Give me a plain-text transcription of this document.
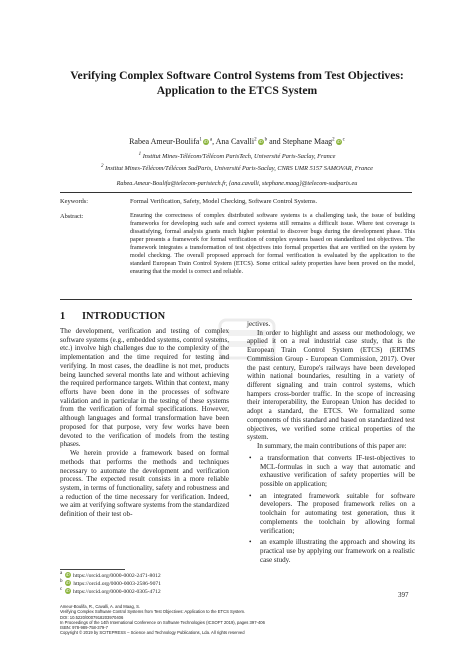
Verifying Complex Software Control Systems from Test Objectives:
Application to the ETCS System
Rabea Ameur-Boulifa$^1$ iD $^a$, Ana Cavalli$^2$ iD $^b$ and Stephane Maag$^2$ iD $^c$
$^1$ Institut Mines-Télécom/Télécom ParisTech, Université Paris-Saclay, France
$^2$ Institut Mines-Télécom/Télécom SudParis, Université Paris-Saclay, CNRS UMR 5157 SAMOVAR, France
Rabea.Ameur-Boulifa@telecom-paristech.fr, {ana.cavalli, stephane.maag}@telecom-sudparis.eu
Keywords:	Formal Verification, Safety, Model Checking, Software Control Systems.
Abstract:	Ensuring the correctness of complex distributed software systems is a challenging task, the issue of building frameworks for developing such safe and correct systems still remains a difficult issue. Where test coverage is dissatisfying, formal analysis grants much higher potential to discover bugs during the development phase. This paper presents a framework for formal verification of complex systems based on standardized test objectives. The framework integrates a transformation of test objectives into formal properties that are verified on the system by model checking. The overall proposed approach for formal verification is evaluated by the application to the standard European Train Control System (ETCS). Some critical safety properties have been proved on the model, ensuring that the model is correct and reliable.
1 INTRODUCTION

The development, verification and testing of complex software systems (e.g., embedded systems, control systems, etc.) involve high challenges due to the complexity of the implementation and the time required for testing and verifying. In most cases, the deadline is not met, products being launched several months late and without achieving the required performance targets. Within that context, many efforts have been done in the processes of software validation and in particular in the testing of these systems from the verification of formal specifications. However, although languages and formal transformation have been proposed for that purpose, very few works have been devoted to the verification of models from the testing phases.

We herein provide a framework based on formal methods that performs the methods and techniques necessary to automate the development and verification process. The expected result consists in a more reliable system, in terms of functionality, safety and robustness and a reduction of the time necessary for verification. Indeed, we aim at verifying software systems from the standardized definition of their test ob-

$^a$ iD https://orcid.org/0000-0002-2471-8012
$^b$ iD https://orcid.org/0000-0003-2586-9071
$^c$ iD https://orcid.org/0000-0002-0305-4712

jectives.

In order to highlight and assess our methodology, we applied it on a real industrial case study, that is the European Train Control System (ETCS) (ERTMS Commission Group - European Commission, 2017). Over the past century, Europe's railways have been developed within national boundaries, resulting in a variety of different signaling and train control systems, which hampers cross-border traffic. In the scope of increasing their interoperability, the European Union has decided to adopt a standard, the ETCS. We formalized some components of this standard and based on standardized test objectives, we verified some critical properties of the system.

In summary, the main contributions of this paper are:

• a transformation that converts IF-test-objectives to MCL-formulas in such a way that automatic and exhaustive verification of safety properties will be possible on application;

• an integrated framework suitable for software developers. The proposed framework relies on a toolchain for automating test generation, thus it complements the toolchain by allowing formal verification;

• an example illustrating the approach and showing its practical use by applying our framework on a realistic case study.

397
Ameur-Boulifa, R., Cavalli, A. and Maag, S.
Verifying Complex Software Control Systems from Test Objectives: Application to the ETCS System.
DOI: 10.5220/0007918203970406
In Proceedings of the 14th International Conference on Software Technologies (ICSOFT 2019), pages 397-406
ISBN: 978-989-758-379-7
Copyright © 2019 by SCITEPRESS – Science and Technology Publications, Lda. All rights reserved
